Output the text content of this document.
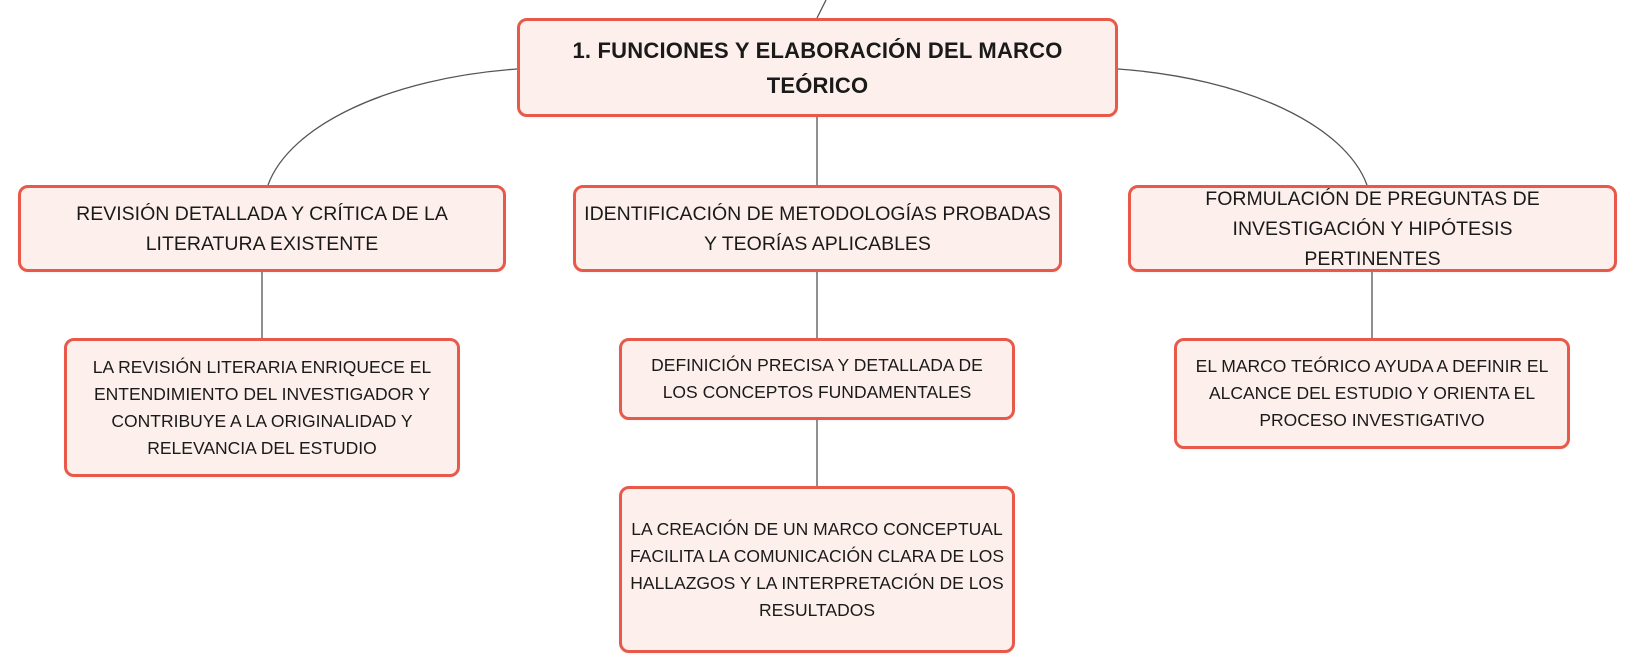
1. FUNCIONES Y ELABORACIÓN DEL MARCO TEÓRICO
REVISIÓN DETALLADA Y CRÍTICA DE LA LITERATURA EXISTENTE
IDENTIFICACIÓN DE METODOLOGÍAS PROBADAS Y TEORÍAS APLICABLES
FORMULACIÓN DE PREGUNTAS DE INVESTIGACIÓN Y HIPÓTESIS PERTINENTES
LA REVISIÓN LITERARIA ENRIQUECE EL ENTENDIMIENTO DEL INVESTIGADOR Y CONTRIBUYE A LA ORIGINALIDAD Y RELEVANCIA DEL ESTUDIO
DEFINICIÓN PRECISA Y DETALLADA DE LOS CONCEPTOS FUNDAMENTALES
LA CREACIÓN DE UN MARCO CONCEPTUAL FACILITA LA COMUNICACIÓN CLARA DE LOS HALLAZGOS Y LA INTERPRETACIÓN DE LOS RESULTADOS
EL MARCO TEÓRICO AYUDA A DEFINIR EL ALCANCE DEL ESTUDIO Y ORIENTA EL PROCESO INVESTIGATIVO
